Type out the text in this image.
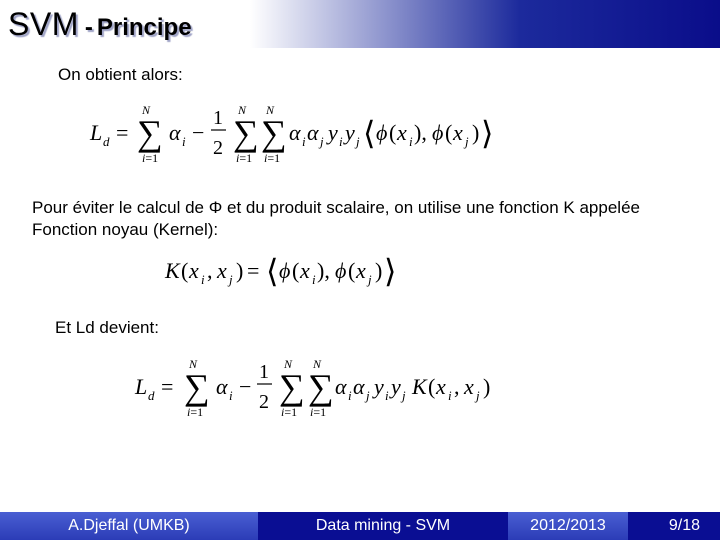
SVM - Principe
On obtient alors:
L d =
N
∑
i=1
α i −
1
2
N
∑
i=1
N
∑
i=1
α i α j y i y j ⟨ ϕ ( x i ), ϕ ( x j ) ⟩
Pour éviter le calcul de Φ et du produit scalaire, on utilise une fonction K appelée
Fonction noyau (Kernel):
K ( x i , x j ) = ⟨ ϕ ( x i ), ϕ ( x j ) ⟩
Et Ld devient:
L d =
N
∑
i=1
α i −
1
2
N
∑
i=1
N
∑
i=1
α i α j y i y j K ( x i , x j )
A.Djeffal (UMKB)	Data mining - SVM	2012/2013	9/18
